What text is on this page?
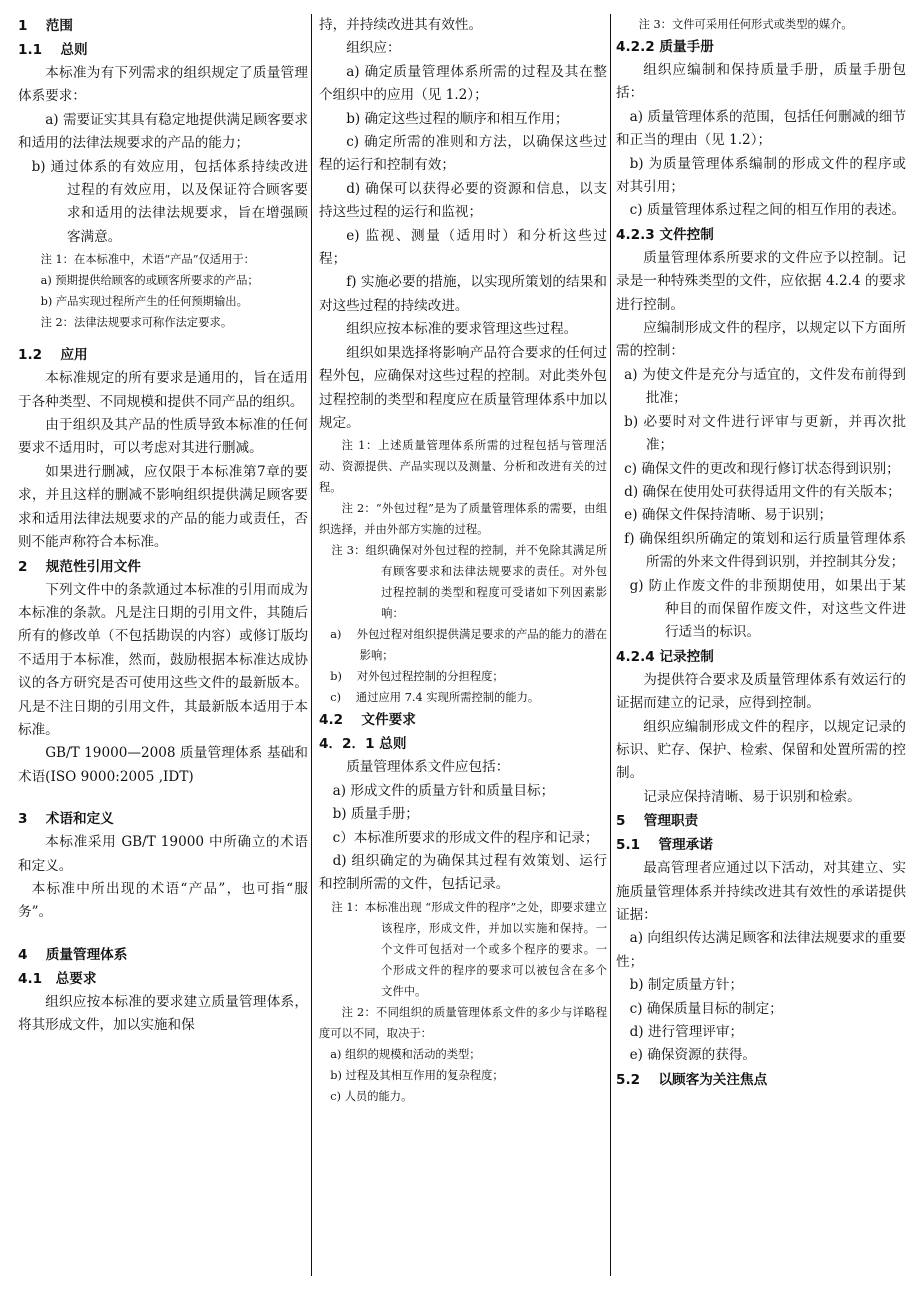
1　 范围
1.1　 总则
本标准为有下列需求的组织规定了质量管理体系要求：
a) 需要证实其具有稳定地提供满足顾客要求和适用的法律法规要求的产品的能力；
b) 通过体系的有效应用，包括体系持续改进过程的有效应用，以及保证符合顾客要求和适用的法律法规要求，旨在增强顾客满意。
注 1：在本标准中，术语“产品”仅适用于：
a) 预期提供给顾客的或顾客所要求的产品；
b) 产品实现过程所产生的任何预期输出。
注 2：法律法规要求可称作法定要求。
1.2　 应用
本标准规定的所有要求是通用的，旨在适用于各种类型、不同规模和提供不同产品的组织。
由于组织及其产品的性质导致本标准的任何要求不适用时，可以考虑对其进行删减。
如果进行删减，应仅限于本标准第7章的要求，并且这样的删减不影响组织提供满足顾客要求和适用法律法规要求的产品的能力或责任，否则不能声称符合本标准。
2　 规范性引用文件
下列文件中的条款通过本标准的引用而成为本标准的条款。凡是注日期的引用文件，其随后所有的修改单（不包括勘误的内容）或修订版均不适用于本标准，然而，鼓励根据本标准达成协议的各方研究是否可使用这些文件的最新版本。凡是不注日期的引用文件，其最新版本适用于本标准。
GB/T 19000—2008 质量管理体系 基础和术语(ISO 9000:2005 ,IDT)
3　 术语和定义
本标准采用 GB/T 19000 中所确立的术语和定义。
本标准中所出现的术语“产品”，也可指“服务”。
4　 质量管理体系
4.1　总要求
组织应按本标准的要求建立质量管理体系，将其形成文件，加以实施和保
持，并持续改进其有效性。
组织应：
a) 确定质量管理体系所需的过程及其在整个组织中的应用（见 1.2）；
b) 确定这些过程的顺序和相互作用；
c) 确定所需的准则和方法，以确保这些过程的运行和控制有效；
d) 确保可以获得必要的资源和信息，以支持这些过程的运行和监视；
e) 监视、测量（适用时）和分析这些过程；
f) 实施必要的措施，以实现所策划的结果和对这些过程的持续改进。
组织应按本标准的要求管理这些过程。
组织如果选择将影响产品符合要求的任何过程外包，应确保对这些过程的控制。对此类外包过程控制的类型和程度应在质量管理体系中加以规定。
注 1：上述质量管理体系所需的过程包括与管理活动、资源提供、产品实现以及测量、分析和改进有关的过程。
注 2：“外包过程”是为了质量管理体系的需要，由组织选择，并由外部方实施的过程。
注 3：组织确保对外包过程的控制，并不免除其满足所有顾客要求和法律法规要求的责任。对外包过程控制的类型和程度可受诸如下列因素影响：
a)　 外包过程对组织提供满足要求的产品的能力的潜在影响；
b)　 对外包过程控制的分担程度；
c)　 通过应用 7.4 实现所需控制的能力。
4.2　 文件要求
4．2．1 总则
质量管理体系文件应包括：
a) 形成文件的质量方针和质量目标；
b) 质量手册；
c）本标准所要求的形成文件的程序和记录；
d) 组织确定的为确保其过程有效策划、运行和控制所需的文件，包括记录。
注 1：本标准出现 “形成文件的程序”之处，即要求建立该程序，形成文件，并加以实施和保持。一个文件可包括对一个或多个程序的要求。一个形成文件的程序的要求可以被包含在多个文件中。
注 2：不同组织的质量管理体系文件的多少与详略程度可以不同，取决于：
a) 组织的规模和活动的类型；
b) 过程及其相互作用的复杂程度；
c) 人员的能力。
注 3：文件可采用任何形式或类型的媒介。
4.2.2 质量手册
组织应编制和保持质量手册，质量手册包括：
a) 质量管理体系的范围，包括任何删减的细节和正当的理由（见 1.2）；
b) 为质量管理体系编制的形成文件的程序或对其引用；
c) 质量管理体系过程之间的相互作用的表述。
4.2.3 文件控制
质量管理体系所要求的文件应予以控制。记录是一种特殊类型的文件，应依据 4.2.4 的要求进行控制。
应编制形成文件的程序，以规定以下方面所需的控制：
a) 为使文件是充分与适宜的，文件发布前得到批准；
b) 必要时对文件进行评审与更新，并再次批准；
c) 确保文件的更改和现行修订状态得到识别；
d) 确保在使用处可获得适用文件的有关版本；
e) 确保文件保持清晰、易于识别；
f) 确保组织所确定的策划和运行质量管理体系所需的外来文件得到识别，并控制其分发；
g) 防止作废文件的非预期使用，如果出于某种目的而保留作废文件，对这些文件进行适当的标识。
4.2.4 记录控制
为提供符合要求及质量管理体系有效运行的证据而建立的记录，应得到控制。
组织应编制形成文件的程序，以规定记录的标识、贮存、保护、检索、保留和处置所需的控制。
记录应保持清晰、易于识别和检索。
5　 管理职责
5.1　 管理承诺
最高管理者应通过以下活动，对其建立、实施质量管理体系并持续改进其有效性的承诺提供证据：
a) 向组织传达满足顾客和法律法规要求的重要性；
b) 制定质量方针；
c) 确保质量目标的制定；
d) 进行管理评审；
e) 确保资源的获得。
5.2　 以顾客为关注焦点
